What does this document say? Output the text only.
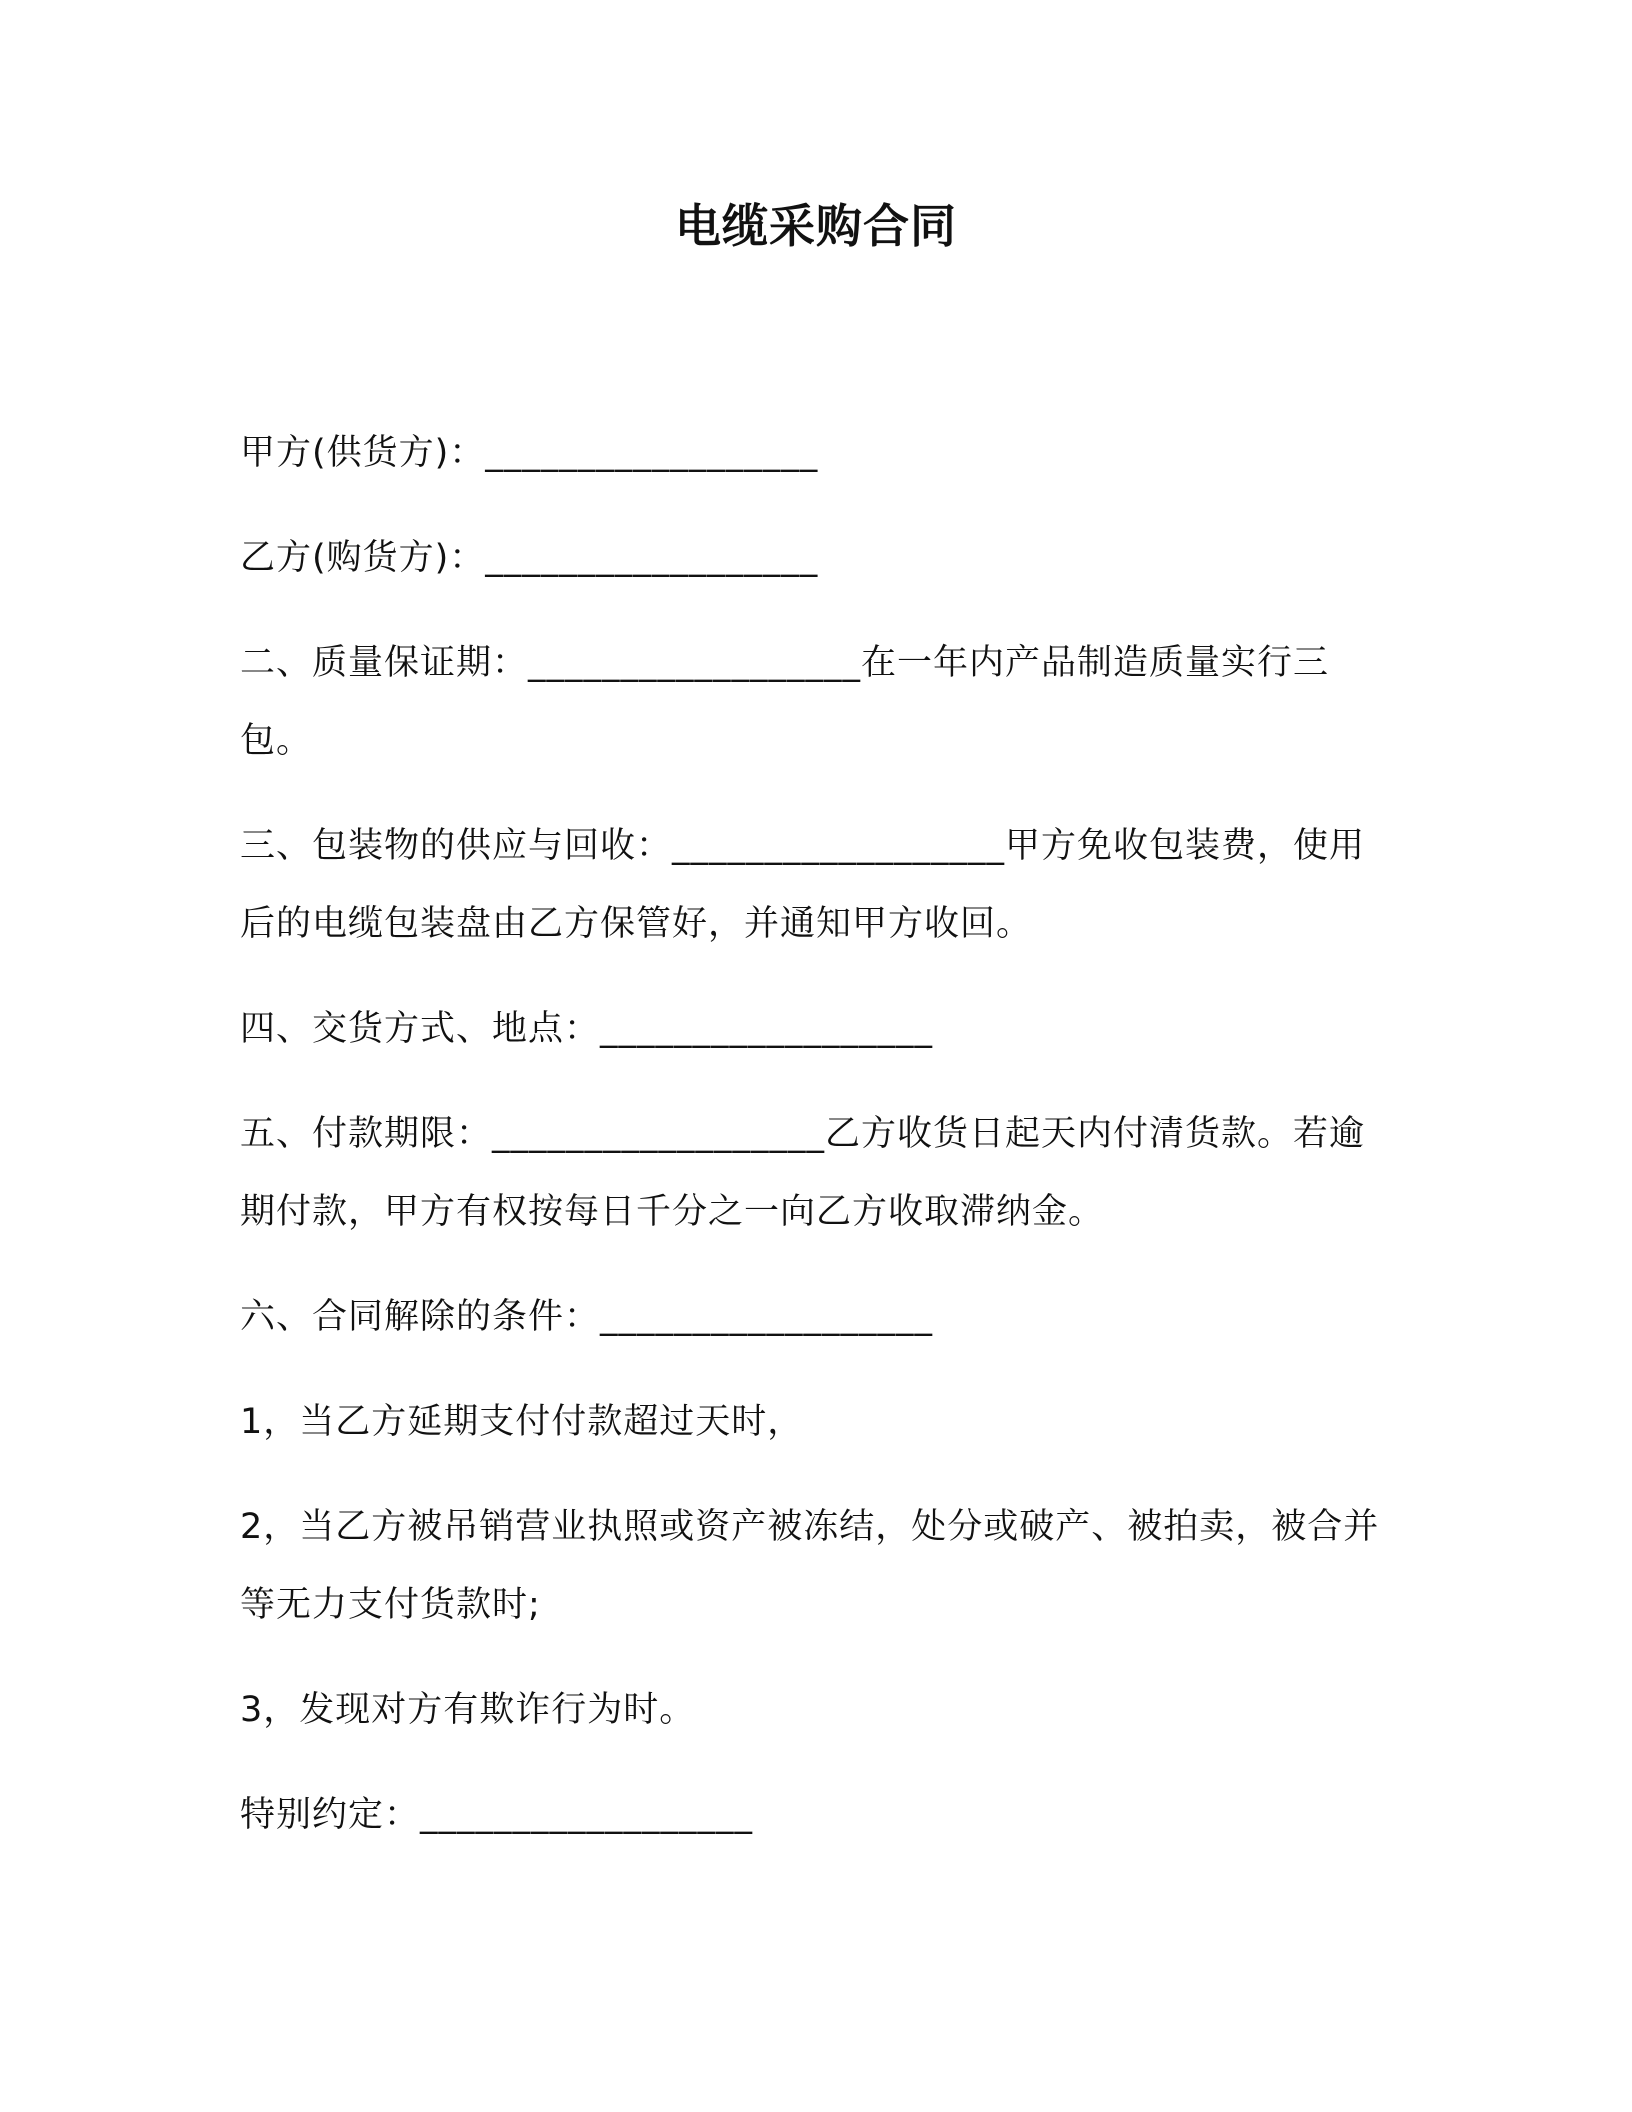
电缆采购合同

甲方(供货方)：__________________

乙方(购货方)：__________________

二、质量保证期：__________________在一年内产品制造质量实行三包。

三、包装物的供应与回收：__________________甲方免收包装费，使用后的电缆包装盘由乙方保管好，并通知甲方收回。

四、交货方式、地点：__________________

五、付款期限：__________________乙方收货日起天内付清货款。若逾期付款，甲方有权按每日千分之一向乙方收取滞纳金。

六、合同解除的条件：__________________

1，当乙方延期支付付款超过天时，

2，当乙方被吊销营业执照或资产被冻结，处分或破产、被拍卖，被合并等无力支付货款时;

3，发现对方有欺诈行为时。

特别约定：__________________
